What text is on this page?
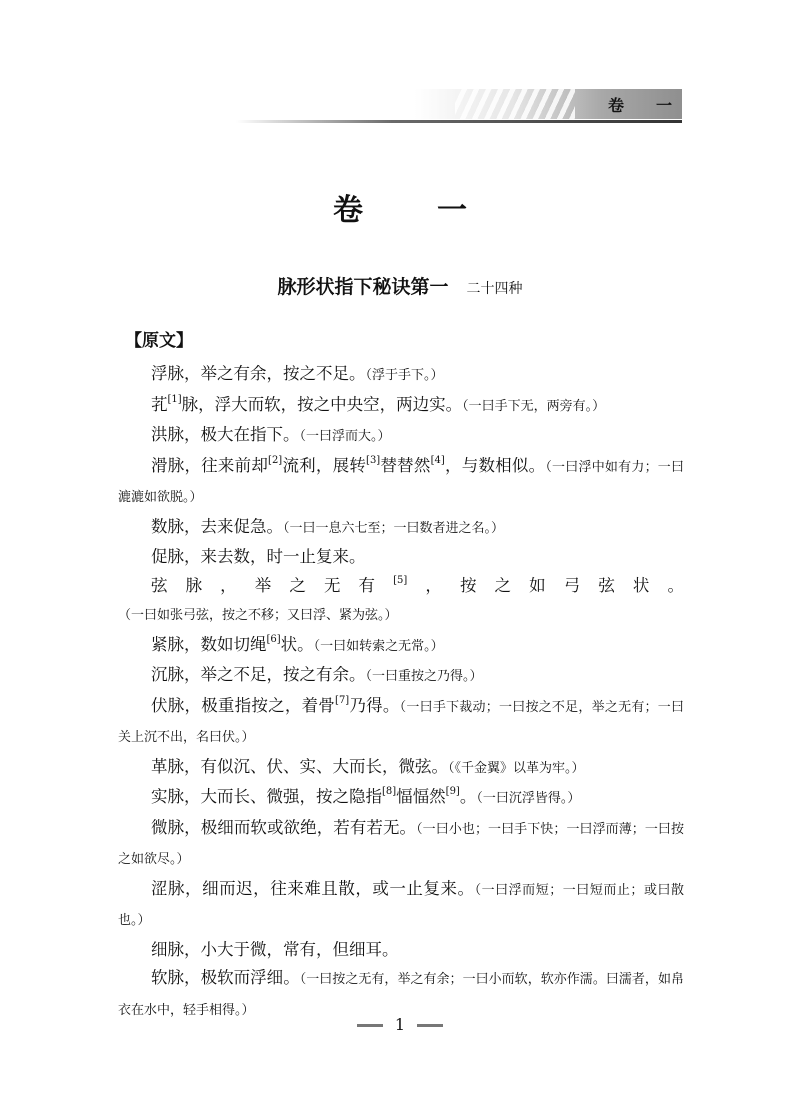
卷　一
卷　一
脉形状指下秘诀第一 二十四种
【原文】

浮脉，举之有余，按之不足。（浮于手下。）

芤[1]脉，浮大而软，按之中央空，两边实。（一曰手下无，两旁有。）

洪脉，极大在指下。（一曰浮而大。）

滑脉，往来前却[2]流利，展转[3]替替然[4]，与数相似。（一曰浮中如有力；一曰漉漉如欲脱。）

数脉，去来促急。（一曰一息六七至；一曰数者进之名。）

促脉，来去数，时一止复来。

弦脉，举之无有[5]，按之如弓弦状。（一曰如张弓弦，按之不移；又曰浮、紧为弦。）

紧脉，数如切绳[6]状。（一曰如转索之无常。）

沉脉，举之不足，按之有余。（一曰重按之乃得。）

伏脉，极重指按之，着骨[7]乃得。（一曰手下裁动；一曰按之不足，举之无有；一曰关上沉不出，名曰伏。）

革脉，有似沉、伏、实、大而长，微弦。（《千金翼》以革为牢。）

实脉，大而长、微强，按之隐指[8]愊愊然[9]。（一曰沉浮皆得。）

微脉，极细而软或欲绝，若有若无。（一曰小也；一曰手下快；一曰浮而薄；一曰按之如欲尽。）

涩脉，细而迟，往来难且散，或一止复来。（一曰浮而短；一曰短而止；或曰散也。）

细脉，小大于微，常有，但细耳。

软脉，极软而浮细。（一曰按之无有，举之有余；一曰小而软，软亦作濡。曰濡者，如帛衣在水中，轻手相得。）

1
